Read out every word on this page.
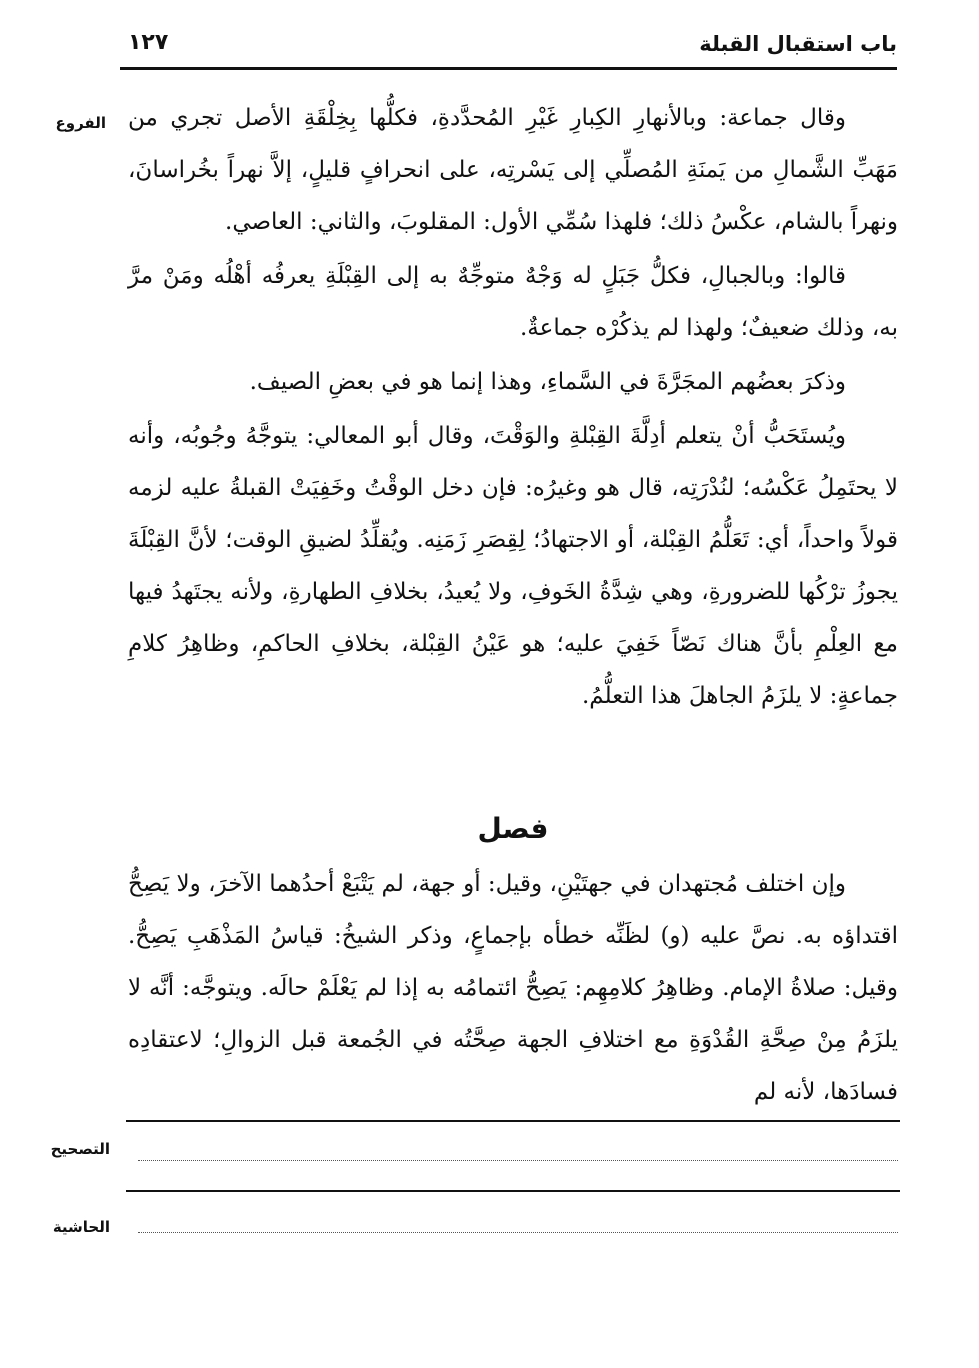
باب استقبال القبلة
١٢٧
الفروع وقال جماعة: وبالأنهارِ الكِبارِ غَيْرِ المُحدَّدةِ، فكلُّها بِخِلْقَةِ الأصل تجري من مَهَبِّ الشَّمالِ من يَمنَةِ المُصلِّي إلى يَسْرتِه، على انحرافٍ قليلٍ، إلاَّ نهراً بخُراسانَ، ونهراً بالشام، عكْسُ ذلك؛ فلهذا سُمِّي الأول: المقلوبَ، والثاني: العاصي.

قالوا: وبالجبالِ، فكلُّ جَبَلٍ له وَجْهٌ متوجِّهٌ به إلى القِبْلَةِ يعرفُه أهْلُه ومَنْ مرَّ به، وذلك ضعيفٌ؛ ولهذا لم يذكُرْه جماعةٌ.

وذكرَ بعضُهم المجَرَّةَ في السَّماءِ، وهذا إنما هو في بعضِ الصيف.

ويُستَحَبُّ أنْ يتعلم أدِلَّةَ القِبْلةِ والوَقْتَ، وقال أبو المعالي: يتوجَّهُ وجُوبُه، وأنه لا يحتَمِلُ عَكْسُه؛ لنُدْرَتِه، قال هو وغيرُه: فإن دخل الوقْتُ وخَفِيَتْ القبلةُ عليه لزمه قولاً واحداً، أي: تَعَلُّمُ القِبْلة، أو الاجتهادُ؛ لِقِصَرِ زَمَنِه. ويُقلِّدُ لضيقِ الوقت؛ لأنَّ القِبْلَةَ يجوزُ ترْكُها للضرورةِ، وهي شِدَّةُ الخَوفِ، ولا يُعيدُ، بخلافِ الطهارةِ، ولأنه يجتَهدُ فيها مع العِلْمِ بأنَّ هناك نَصّاً خَفِيَ عليه؛ هو عَيْنُ القِبْلة، بخلافِ الحاكمِ، وظاهِرُ كلامِ جماعةٍ: لا يلزَمُ الجاهلَ هذا التعلُّمُ.

فصل

وإن اختلف مُجتهدان في جهتَيْنِ، وقيل: أو جهة، لم يَتْبَعْ أحدُهما الآخرَ، ولا يَصِحُّ اقتداؤه به. نصَّ عليه (و) لظَنِّه خطأه بإجماعٍ، وذكر الشيخُ: قياسُ المَذْهَبِ يَصِحُّ. وقيل: صلاةُ الإمام. وظاهِرُ كلامِهِم: يَصِحُّ ائتمامُه به إذا لم يَعْلَمْ حالَه. ويتوجَّه: أنَّه لا يلزَمُ مِنْ صِحَّةِ القُدْوَةِ مع اختلافِ الجهة صِحَّتُه في الجُمعة قبل الزوالِ؛ لاعتقادِه فسادَها، لأنه لم

التصحيح
الحاشية
